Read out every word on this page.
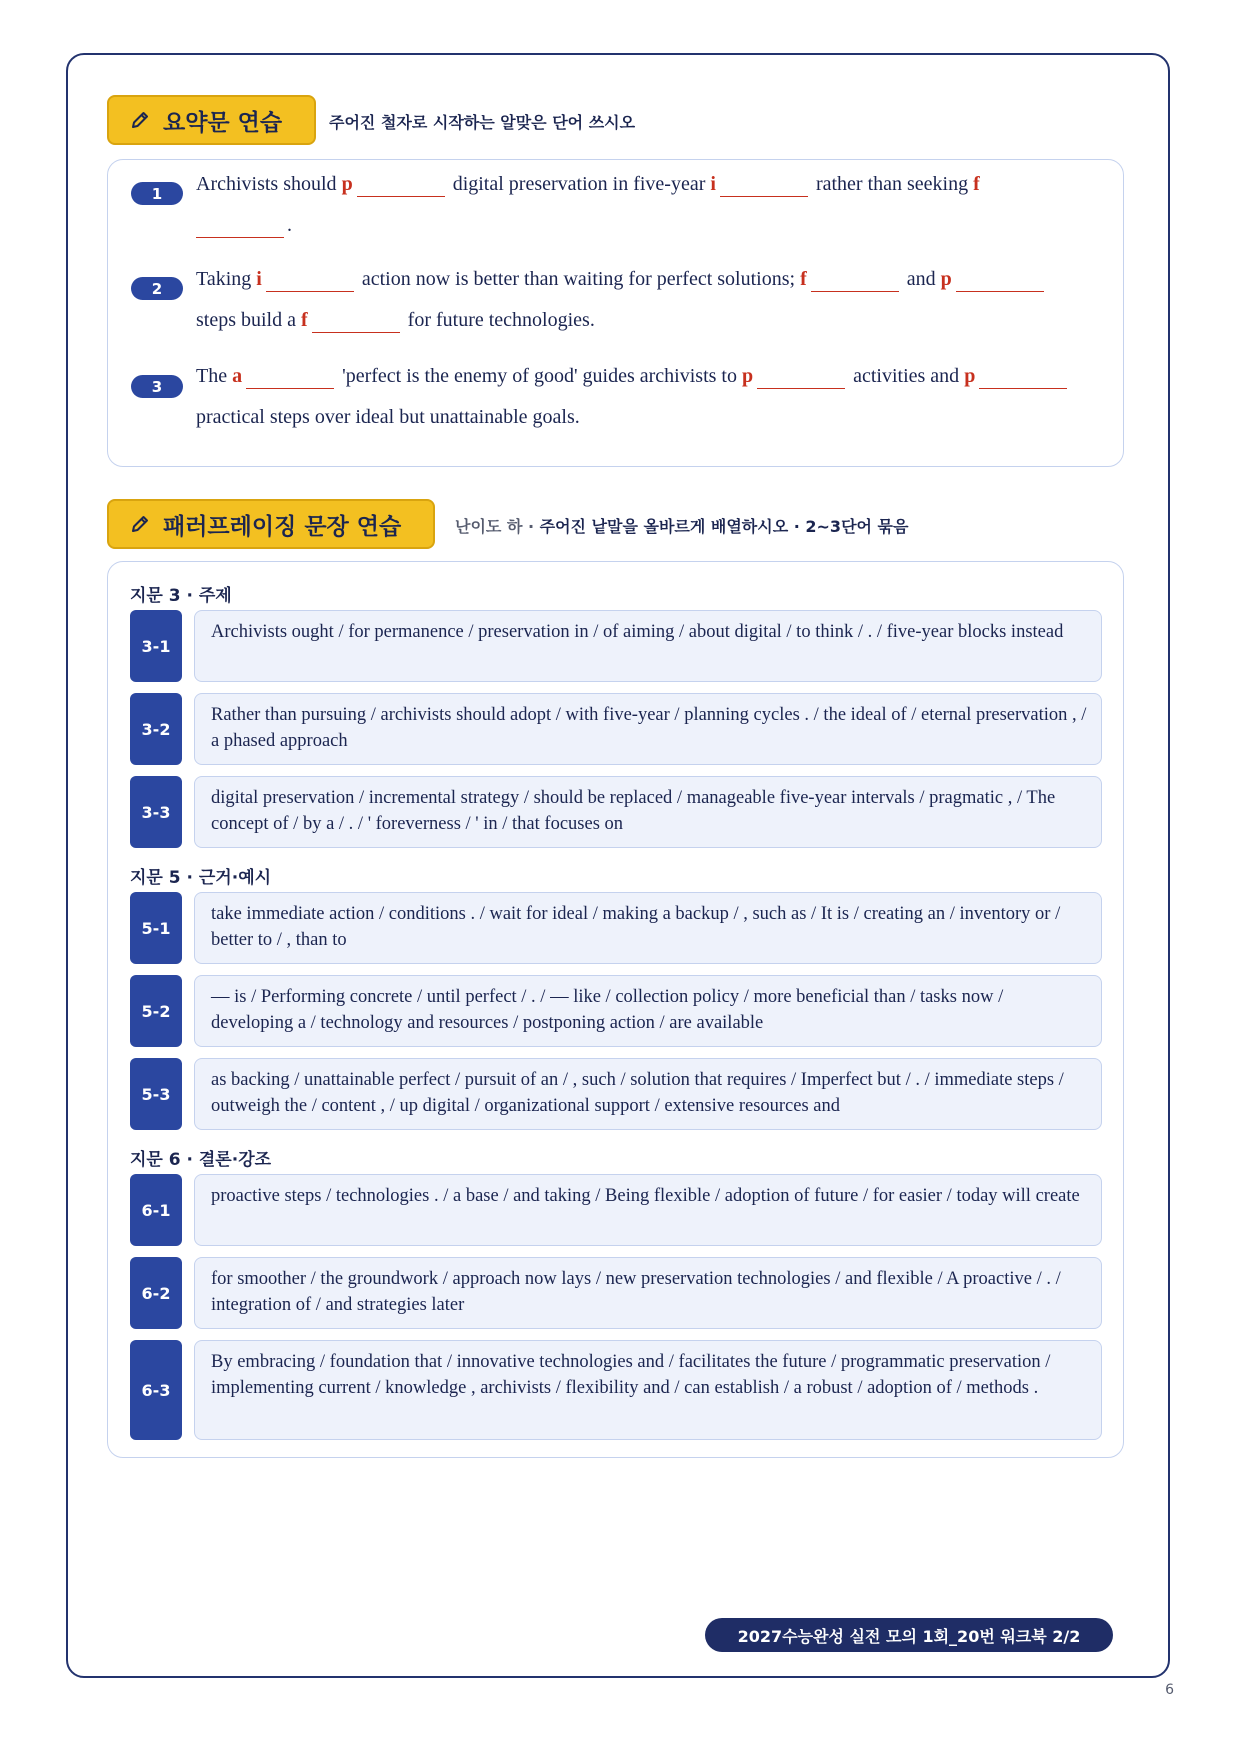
요약문 연습	주어진 철자로 시작하는 알맞은 단어 쓰시오
1	Archivists should p	digital preservation in five-year i	rather than seeking f
.
2	Taking i	action now is better than waiting for perfect solutions; f	and p
steps build a f	for future technologies.
3	The a	'perfect is the enemy of good' guides archivists to p	activities and p
practical steps over ideal but unattainable goals.
패러프레이징 문장 연습	난이도 하 · 주어진 낱말을 올바르게 배열하시오 · 2~3단어 묶음
지문 3 · 주제
3-1
Archivists ought / for permanence / preservation in / of aiming / about digital / to think / . / five-year blocks instead
3-2
Rather than pursuing / archivists should adopt / with five-year / planning cycles . / the ideal of / eternal preservation , / a phased approach
3-3
digital preservation / incremental strategy / should be replaced / manageable five-year intervals / pragmatic , / The concept of / by a / . / ' foreverness / ' in / that focuses on
지문 5 · 근거·예시
5-1
take immediate action / conditions . / wait for ideal / making a backup / , such as / It is / creating an / inventory or / better to / , than to
5-2
— is / Performing concrete / until perfect / . / — like / collection policy / more beneficial than / tasks now / developing a / technology and resources / postponing action / are available
5-3
as backing / unattainable perfect / pursuit of an / , such / solution that requires / Imperfect but / . / immediate steps / outweigh the / content , / up digital / organizational support / extensive resources and
지문 6 · 결론·강조
6-1
proactive steps / technologies . / a base / and taking / Being flexible / adoption of future / for easier / today will create
6-2
for smoother / the groundwork / approach now lays / new preservation technologies / and flexible / A proactive / . / integration of / and strategies later
6-3
By embracing / foundation that / innovative technologies and / facilitates the future / programmatic preservation / implementing current / knowledge , archivists / flexibility and / can establish / a robust / adoption of / methods .
2027수능완성 실전 모의 1회_20번 워크북 2/2
6
